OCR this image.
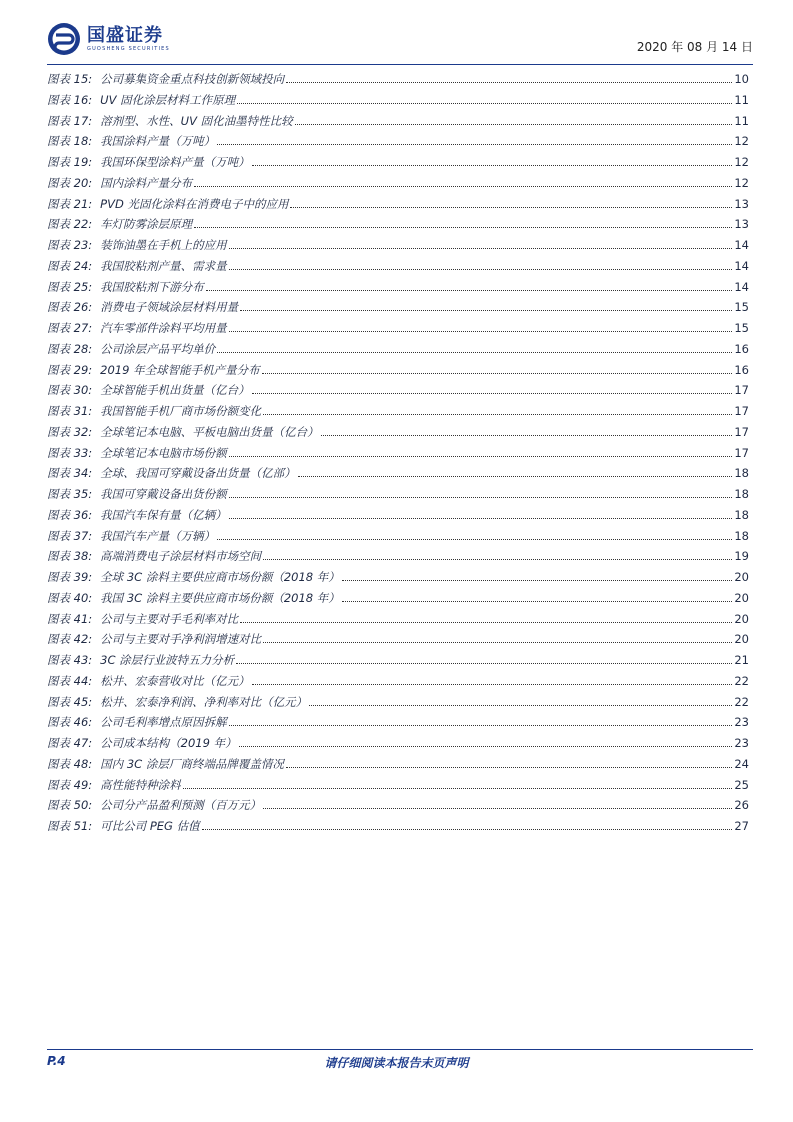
国盛证券
GUOSHENG SECURITIES	2020 年 08 月 14 日
图表 15: 公司募集资金重点科技创新领域投向	10
图表 16: UV 固化涂层材料工作原理	11
图表 17: 溶剂型、水性、UV 固化油墨特性比较	11
图表 18: 我国涂料产量（万吨）	12
图表 19: 我国环保型涂料产量（万吨）	12
图表 20: 国内涂料产量分布	12
图表 21: PVD 光固化涂料在消费电子中的应用	13
图表 22: 车灯防雾涂层原理	13
图表 23: 装饰油墨在手机上的应用	14
图表 24: 我国胶粘剂产量、需求量	14
图表 25: 我国胶粘剂下游分布	14
图表 26: 消费电子领域涂层材料用量	15
图表 27: 汽车零部件涂料平均用量	15
图表 28: 公司涂层产品平均单价	16
图表 29: 2019 年全球智能手机产量分布	16
图表 30: 全球智能手机出货量（亿台）	17
图表 31: 我国智能手机厂商市场份额变化	17
图表 32: 全球笔记本电脑、平板电脑出货量（亿台）	17
图表 33: 全球笔记本电脑市场份额	17
图表 34: 全球、我国可穿戴设备出货量（亿部）	18
图表 35: 我国可穿戴设备出货份额	18
图表 36: 我国汽车保有量（亿辆）	18
图表 37: 我国汽车产量（万辆）	18
图表 38: 高端消费电子涂层材料市场空间	19
图表 39: 全球 3C 涂料主要供应商市场份额（2018 年）	20
图表 40: 我国 3C 涂料主要供应商市场份额（2018 年）	20
图表 41: 公司与主要对手毛利率对比	20
图表 42: 公司与主要对手净利润增速对比	20
图表 43: 3C 涂层行业波特五力分析	21
图表 44: 松井、宏泰营收对比（亿元）	22
图表 45: 松井、宏泰净利润、净利率对比（亿元）	22
图表 46: 公司毛利率增点原因拆解	23
图表 47: 公司成本结构（2019 年）	23
图表 48: 国内 3C 涂层厂商终端品牌覆盖情况	24
图表 49: 高性能特种涂料	25
图表 50: 公司分产品盈利预测（百万元）	26
图表 51: 可比公司 PEG 估值	27
P.4	请仔细阅读本报告末页声明
